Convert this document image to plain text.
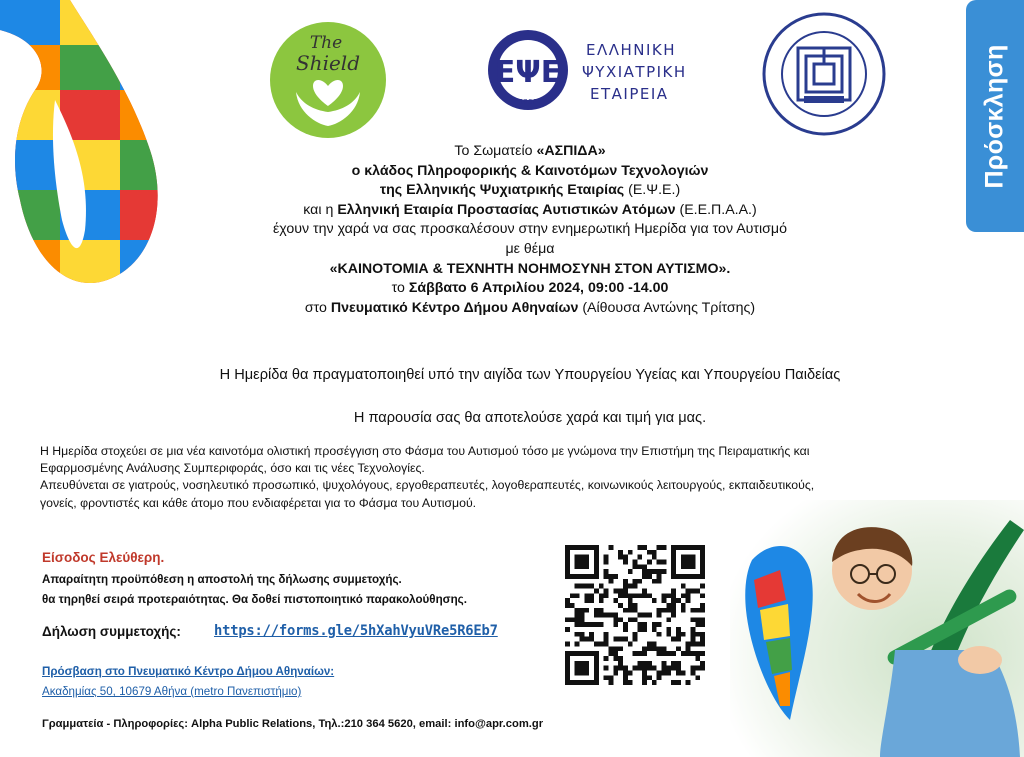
The
Shield	ΕΨΕ
1986
ΕΛΛΗΝΙΚΗ
ΨΥΧΙΑΤΡΙΚΗ
ΕΤΑΙΡΕΙΑ	Πρόσκληση
Το Σωματείο «ΑΣΠΙΔΑ»
ο κλάδος Πληροφορικής & Καινοτόμων Τεχνολογιών
της Ελληνικής Ψυχιατρικής Εταιρίας (Ε.Ψ.Ε.)
και η Ελληνική Εταιρία Προστασίας Αυτιστικών Ατόμων (Ε.Ε.Π.Α.Α.)
έχουν την χαρά να σας προσκαλέσουν στην ενημερωτική Ημερίδα για τον Αυτισμό
με θέμα
«ΚΑΙΝΟΤΟΜΙΑ & ΤΕΧΝΗΤΗ ΝΟΗΜΟΣΥΝΗ ΣΤΟΝ ΑΥΤΙΣΜΟ».
το Σάββατο 6 Απριλίου 2024, 09:00 -14.00
στο Πνευματικό Κέντρο Δήμου Αθηναίων (Αίθουσα Αντώνης Τρίτσης)
Η Ημερίδα θα πραγματοποιηθεί υπό την αιγίδα των Υπουργείου Υγείας και Υπουργείου Παιδείας
Η παρουσία σας θα αποτελούσε χαρά και τιμή για μας.
Η Ημερίδα στοχεύει σε μια νέα καινοτόμα ολιστική προσέγγιση στο Φάσμα του Αυτισμού τόσο με γνώμονα την Επιστήμη της Πειραματικής και
Εφαρμοσμένης Ανάλυσης Συμπεριφοράς, όσο και τις νέες Τεχνολογίες.
Απευθύνεται σε γιατρούς, νοσηλευτικό προσωπικό, ψυχολόγους, εργοθεραπευτές, λογοθεραπευτές, κοινωνικούς λειτουργούς, εκπαιδευτικούς,
γονείς, φροντιστές και κάθε άτομο που ενδιαφέρεται για το Φάσμα του Αυτισμού.
Είσοδος Ελεύθερη.
Απαραίτητη προϋπόθεση η αποστολή της δήλωσης συμμετοχής.
θα τηρηθεί σειρά προτεραιότητας. Θα δοθεί πιστοποιητικό παρακολούθησης.
Δήλωση συμμετοχής: https://forms.gle/5hXahVyuVRe5R6Eb7
Πρόσβαση στο Πνευματικό Κέντρο Δήμου Αθηναίων:
Ακαδημίας 50, 10679 Αθήνα (metro Πανεπιστήμιο)
Γραμματεία - Πληροφορίες: Alpha Public Relations, Τηλ.:210 364 5620, email: info@apr.com.gr
